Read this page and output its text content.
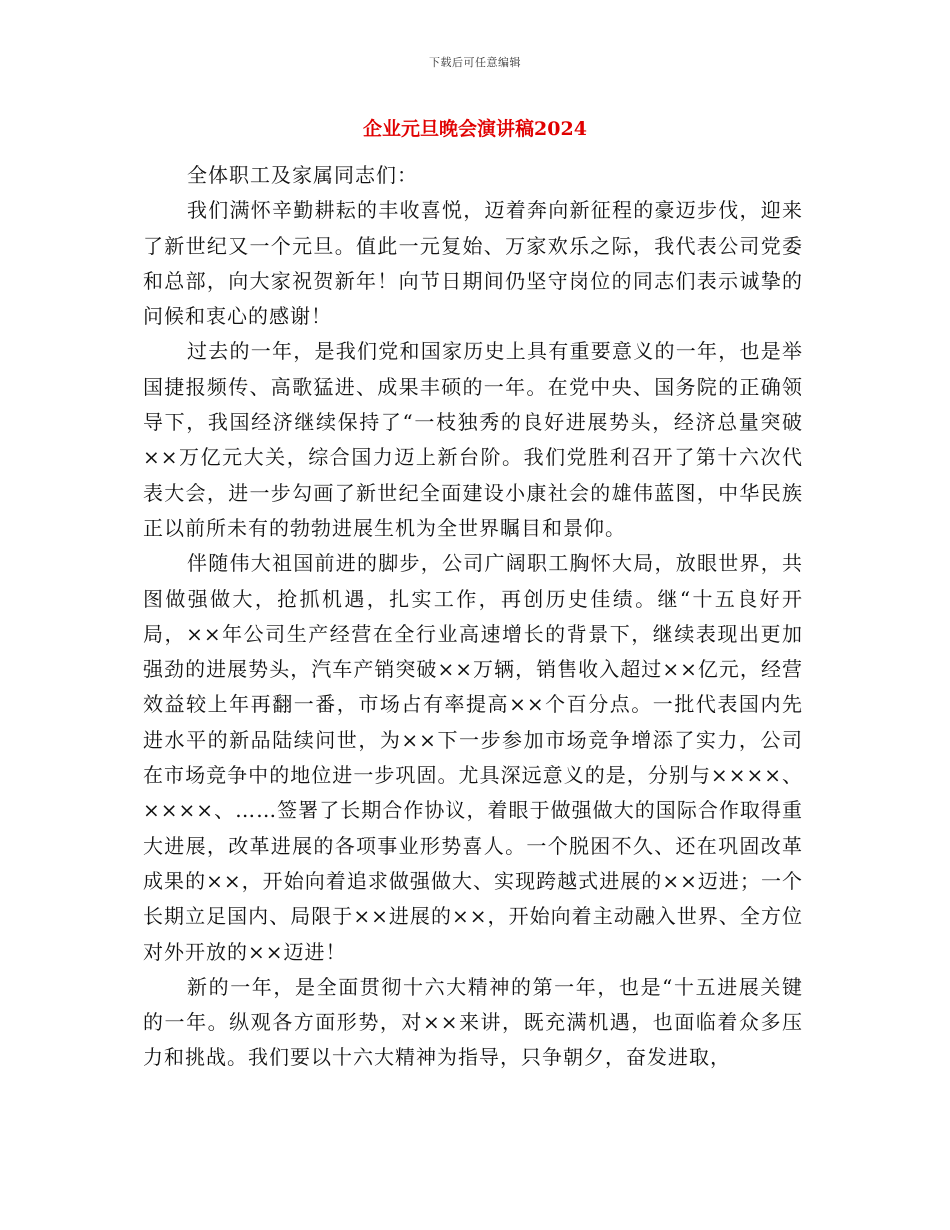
下载后可任意编辑
企业元旦晚会演讲稿2024

全体职工及家属同志们：

我们满怀辛勤耕耘的丰收喜悦，迈着奔向新征程的豪迈步伐，迎来了新世纪又一个元旦。值此一元复始、万家欢乐之际，我代表公司党委和总部，向大家祝贺新年！向节日期间仍坚守岗位的同志们表示诚挚的问候和衷心的感谢！

过去的一年，是我们党和国家历史上具有重要意义的一年，也是举国捷报频传、高歌猛进、成果丰硕的一年。在党中央、国务院的正确领导下，我国经济继续保持了“一枝独秀的良好进展势头，经济总量突破××万亿元大关，综合国力迈上新台阶。我们党胜利召开了第十六次代表大会，进一步勾画了新世纪全面建设小康社会的雄伟蓝图，中华民族正以前所未有的勃勃进展生机为全世界瞩目和景仰。

伴随伟大祖国前进的脚步，公司广阔职工胸怀大局，放眼世界，共图做强做大，抢抓机遇，扎实工作，再创历史佳绩。继“十五良好开局，××年公司生产经营在全行业高速增长的背景下，继续表现出更加强劲的进展势头，汽车产销突破××万辆，销售收入超过××亿元，经营效益较上年再翻一番，市场占有率提高××个百分点。一批代表国内先进水平的新品陆续问世，为××下一步参加市场竞争增添了实力，公司在市场竞争中的地位进一步巩固。尤具深远意义的是，分别与××××、××××、……签署了长期合作协议，着眼于做强做大的国际合作取得重大进展，改革进展的各项事业形势喜人。一个脱困不久、还在巩固改革成果的××，开始向着追求做强做大、实现跨越式进展的××迈进；一个长期立足国内、局限于××进展的××，开始向着主动融入世界、全方位对外开放的××迈进！

新的一年，是全面贯彻十六大精神的第一年，也是“十五进展关键的一年。纵观各方面形势，对××来讲，既充满机遇，也面临着众多压力和挑战。我们要以十六大精神为指导，只争朝夕，奋发进取，
